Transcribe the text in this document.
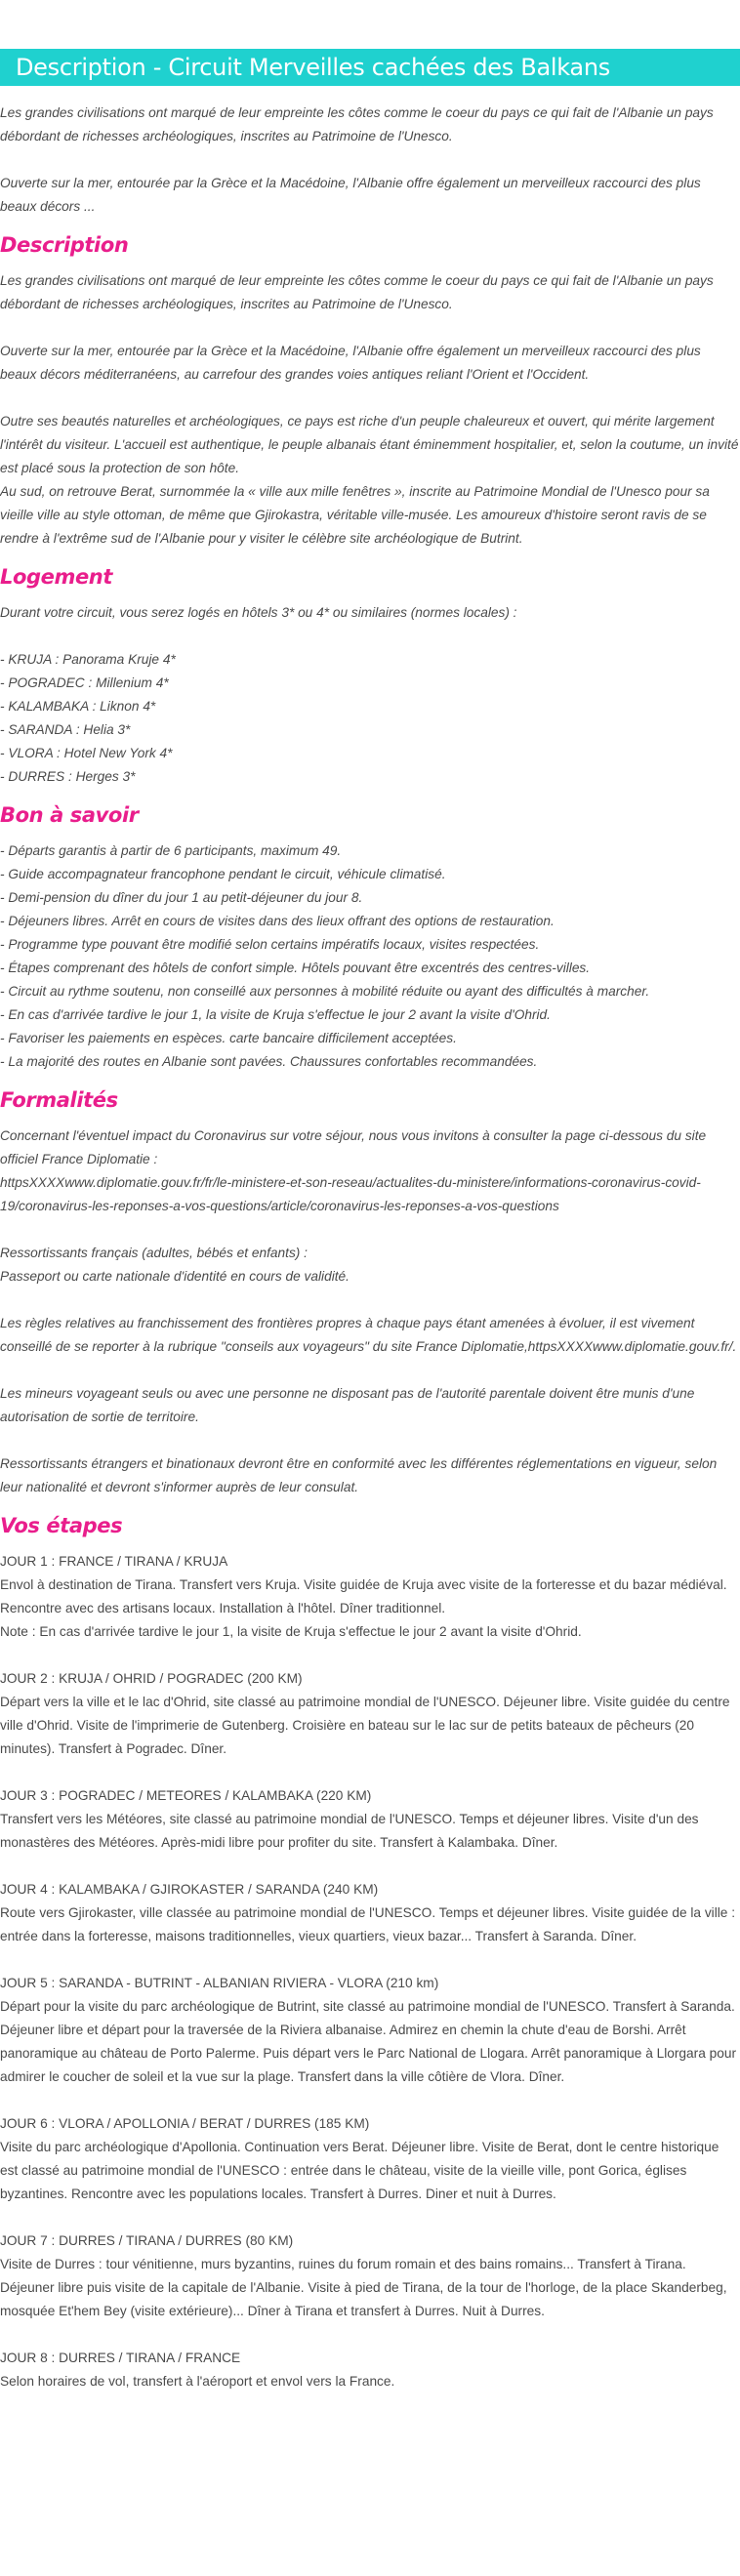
Description - Circuit Merveilles cachées des Balkans

Les grandes civilisations ont marqué de leur empreinte les côtes comme le coeur du pays ce qui fait de l'Albanie un pays débordant de richesses archéologiques, inscrites au Patrimoine de l'Unesco.

Ouverte sur la mer, entourée par la Grèce et la Macédoine, l'Albanie offre également un merveilleux raccourci des plus beaux décors ...

Description

Les grandes civilisations ont marqué de leur empreinte les côtes comme le coeur du pays ce qui fait de l'Albanie un pays débordant de richesses archéologiques, inscrites au Patrimoine de l'Unesco.

Ouverte sur la mer, entourée par la Grèce et la Macédoine, l'Albanie offre également un merveilleux raccourci des plus beaux décors méditerranéens, au carrefour des grandes voies antiques reliant l'Orient et l'Occident.

Outre ses beautés naturelles et archéologiques, ce pays est riche d'un peuple chaleureux et ouvert, qui mérite largement l'intérêt du visiteur. L'accueil est authentique, le peuple albanais étant éminemment hospitalier, et, selon la coutume, un invité est placé sous la protection de son hôte.

Au sud, on retrouve Berat, surnommée la « ville aux mille fenêtres », inscrite au Patrimoine Mondial de l'Unesco pour sa vieille ville au style ottoman, de même que Gjirokastra, véritable ville-musée. Les amoureux d'histoire seront ravis de se rendre à l'extrême sud de l'Albanie pour y visiter le célèbre site archéologique de Butrint.

Logement

Durant votre circuit, vous serez logés en hôtels 3* ou 4* ou similaires (normes locales) :

- KRUJA : Panorama Kruje 4*
- POGRADEC : Millenium 4*
- KALAMBAKA : Liknon 4*
- SARANDA : Helia 3*
- VLORA : Hotel New York 4*
- DURRES : Herges 3*
Bon à savoir
- Départs garantis à partir de 6 participants, maximum 49.
- Guide accompagnateur francophone pendant le circuit, véhicule climatisé.
- Demi-pension du dîner du jour 1 au petit-déjeuner du jour 8.
- Déjeuners libres. Arrêt en cours de visites dans des lieux offrant des options de restauration.
- Programme type pouvant être modifié selon certains impératifs locaux, visites respectées.
- Étapes comprenant des hôtels de confort simple. Hôtels pouvant être excentrés des centres-villes.
- Circuit au rythme soutenu, non conseillé aux personnes à mobilité réduite ou ayant des difficultés à marcher.
- En cas d'arrivée tardive le jour 1, la visite de Kruja s'effectue le jour 2 avant la visite d'Ohrid.
- Favoriser les paiements en espèces. carte bancaire difficilement acceptées.
- La majorité des routes en Albanie sont pavées. Chaussures confortables recommandées.
Formalités

Concernant l'éventuel impact du Coronavirus sur votre séjour, nous vous invitons à consulter la page ci-dessous du site officiel France Diplomatie :

httpsXXXXwww.diplomatie.gouv.fr/fr/le-ministere-et-son-reseau/actualites-du-ministere/informations-coronavirus-covid-19/coronavirus-les-reponses-a-vos-questions/article/coronavirus-les-reponses-a-vos-questions

Ressortissants français (adultes, bébés et enfants) :

Passeport ou carte nationale d'identité en cours de validité.

Les règles relatives au franchissement des frontières propres à chaque pays étant amenées à évoluer, il est vivement conseillé de se reporter à la rubrique "conseils aux voyageurs" du site France Diplomatie,httpsXXXXwww.diplomatie.gouv.fr/.

Les mineurs voyageant seuls ou avec une personne ne disposant pas de l'autorité parentale doivent être munis d'une autorisation de sortie de territoire.

Ressortissants étrangers et binationaux devront être en conformité avec les différentes réglementations en vigueur, selon leur nationalité et devront s'informer auprès de leur consulat.

Vos étapes
JOUR 1 : FRANCE / TIRANA / KRUJA
Envol à destination de Tirana. Transfert vers Kruja. Visite guidée de Kruja avec visite de la forteresse et du bazar médiéval. Rencontre avec des artisans locaux. Installation à l'hôtel. Dîner traditionnel.
Note : En cas d'arrivée tardive le jour 1, la visite de Kruja s'effectue le jour 2 avant la visite d'Ohrid.
JOUR 2 : KRUJA / OHRID / POGRADEC (200 KM)
Départ vers la ville et le lac d'Ohrid, site classé au patrimoine mondial de l'UNESCO. Déjeuner libre. Visite guidée du centre ville d'Ohrid. Visite de l'imprimerie de Gutenberg. Croisière en bateau sur le lac sur de petits bateaux de pêcheurs (20 minutes). Transfert à Pogradec. Dîner.
JOUR 3 : POGRADEC / METEORES / KALAMBAKA (220 KM)
Transfert vers les Météores, site classé au patrimoine mondial de l'UNESCO. Temps et déjeuner libres. Visite d'un des monastères des Météores. Après-midi libre pour profiter du site. Transfert à Kalambaka. Dîner.
JOUR 4 : KALAMBAKA / GJIROKASTER / SARANDA (240 KM)
Route vers Gjirokaster, ville classée au patrimoine mondial de l'UNESCO. Temps et déjeuner libres. Visite guidée de la ville : entrée dans la forteresse, maisons traditionnelles, vieux quartiers, vieux bazar... Transfert à Saranda. Dîner.
JOUR 5 : SARANDA - BUTRINT - ALBANIAN RIVIERA - VLORA (210 km)
Départ pour la visite du parc archéologique de Butrint, site classé au patrimoine mondial de l'UNESCO. Transfert à Saranda. Déjeuner libre et départ pour la traversée de la Riviera albanaise. Admirez en chemin la chute d'eau de Borshi. Arrêt panoramique au château de Porto Palerme. Puis départ vers le Parc National de Llogara. Arrêt panoramique à Llorgara pour admirer le coucher de soleil et la vue sur la plage. Transfert dans la ville côtière de Vlora. Dîner.
JOUR 6 : VLORA / APOLLONIA / BERAT / DURRES (185 KM)
Visite du parc archéologique d'Apollonia. Continuation vers Berat. Déjeuner libre. Visite de Berat, dont le centre historique est classé au patrimoine mondial de l'UNESCO : entrée dans le château, visite de la vieille ville, pont Gorica, églises byzantines. Rencontre avec les populations locales. Transfert à Durres. Diner et nuit à Durres.
JOUR 7 : DURRES / TIRANA / DURRES (80 KM)
Visite de Durres : tour vénitienne, murs byzantins, ruines du forum romain et des bains romains... Transfert à Tirana. Déjeuner libre puis visite de la capitale de l'Albanie. Visite à pied de Tirana, de la tour de l'horloge, de la place Skanderbeg, mosquée Et'hem Bey (visite extérieure)... Dîner à Tirana et transfert à Durres. Nuit à Durres.
JOUR 8 : DURRES / TIRANA / FRANCE
Selon horaires de vol, transfert à l'aéroport et envol vers la France.
